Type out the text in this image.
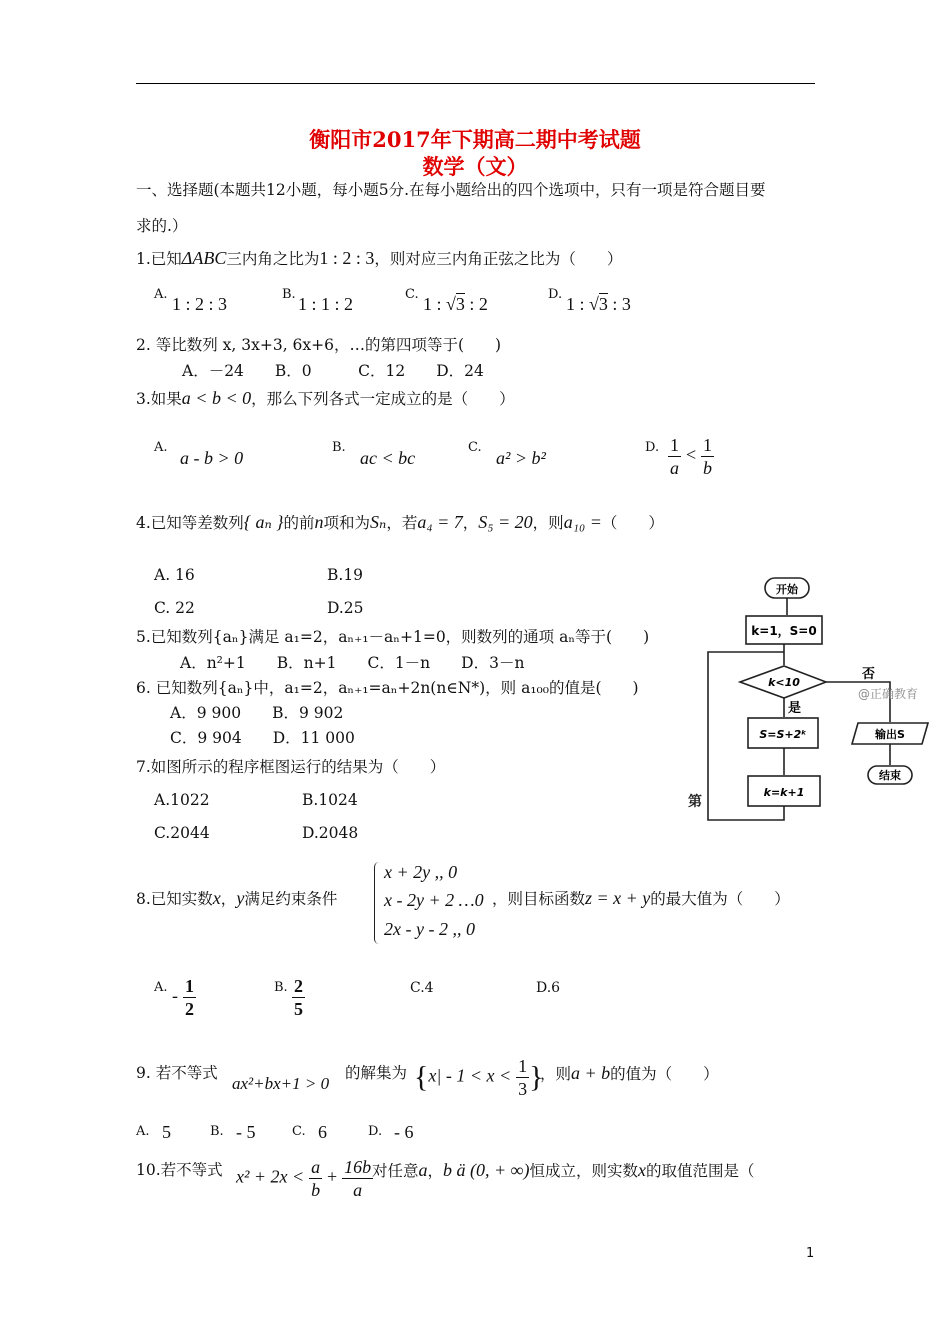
衡阳市2017年下期高二期中考试题
数学（文）
一、选择题(本题共12小题，每小题5分.在每小题给出的四个选项中，只有一项是符合题目要
求的.）
1.已知ΔABC三内角之比为1 : 2 : 3，则对应三内角正弦之比为（　　）
A. 1 : 2 : 3	B. 1 : 1 : 2	C. 1 : √3 : 2	D. 1 : √3 : 3
2. 等比数列 x, 3x+3, 6x+6，…的第四项等于(　　)
A．－24　　B．0　　　C．12　　D．24
3.如果a < b < 0，那么下列各式一定成立的是（　　）
A.
a - b > 0
B.
ac < bc
C.
a² > b²
D. $\frac{1}{a} < \frac{1}{b}$
4.已知等差数列{ aₙ }的前n项和为Sₙ，若a₄ = 7，S₅ = 20，则a₁₀ =（　　）
A. 16	B.19
C. 22	D.25
5.已知数列{aₙ}满足 a₁=2，aₙ₊₁－aₙ+1=0，则数列的通项 aₙ等于(　　)
A．n²+1　　B．n+1　　C．1－n　　D．3－n
6. 已知数列{aₙ}中，a₁=2，aₙ₊₁=aₙ+2n(n∈N*)，则 a₁₀₀的值是(　　)
A．9 900　　B．9 902
C．9 904　　D．11 000
7.如图所示的程序框图运行的结果为（　　）
A.1022	B.1024
C.2044	D.2048
开始
k=1，S=0
k<10
否
是
S=S+2ᵏ
k=k+1
输出S
结束
@正确教育
第
8.已知实数x，y满足约束条件
x + 2y ,, 0
x - 2y + 2 …0
2x - y - 2 ,, 0
，则目标函数z = x + y的最大值为（　　）
A. - $\frac{1}{2}$	B. $\frac{2}{5}$	C.4	D.6
9. 若不等式
ax²+bx+1 > 0
的解集为 {$x| - 1 < x < \frac{1}{3}$ }
，则a + b的值为（　　）
A. 5	B. - 5	C. 6	D. - 6
10.若不等式 $x^2 + 2x < \frac{a}{b} + \frac{16b}{a}$
对任意a，b ä (0, + ∞)恒成立，则实数x的取值范围是（
1
